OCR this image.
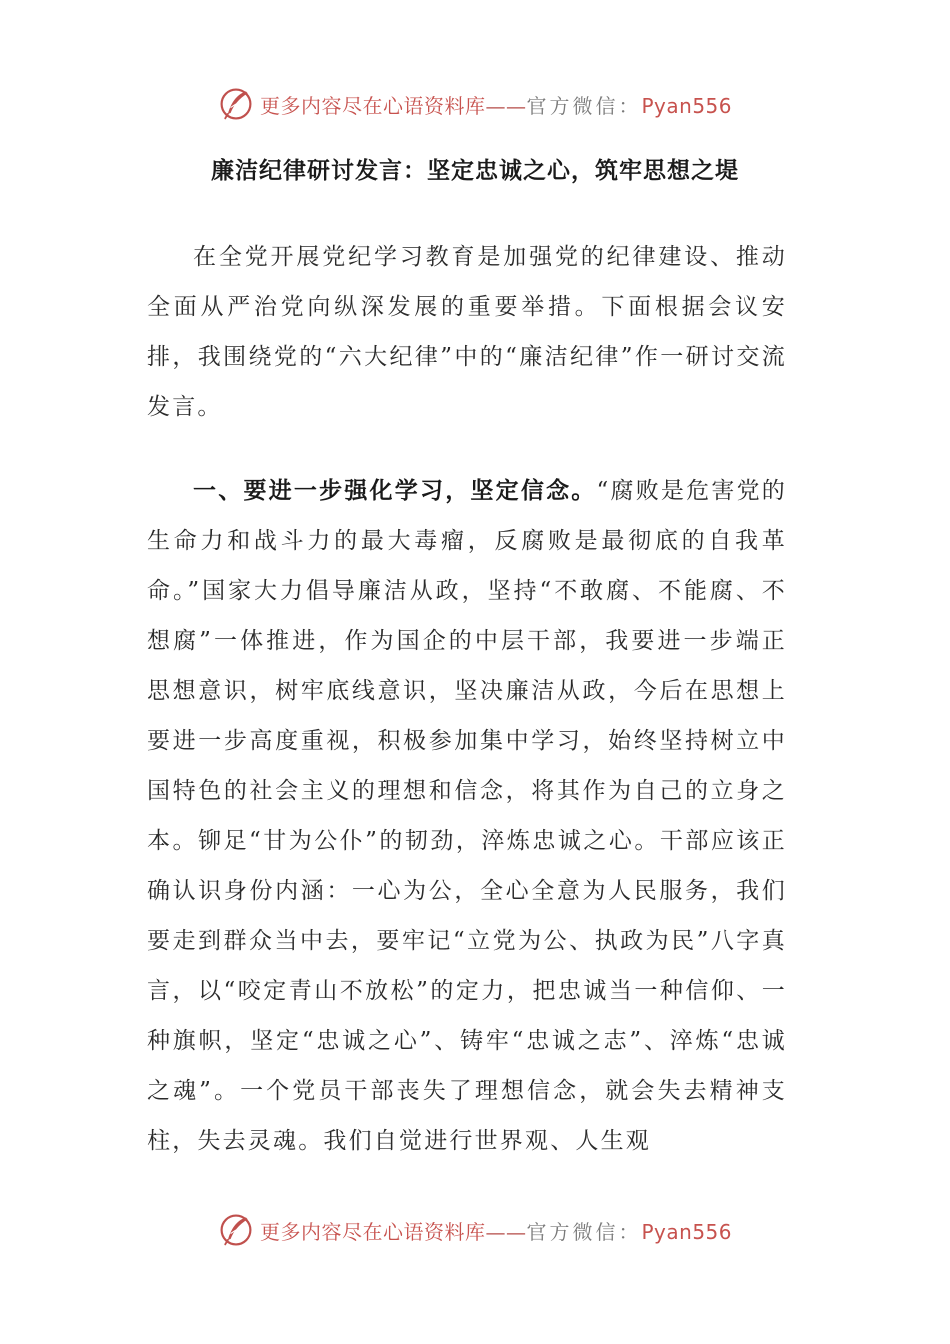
更多内容尽在心语资料库——官方微信：Pyan556
廉洁纪律研讨发言：坚定忠诚之心，筑牢思想之堤

在全党开展党纪学习教育是加强党的纪律建设、推动全面从严治党向纵深发展的重要举措。下面根据会议安排，我围绕党的“六大纪律”中的“廉洁纪律”作一研讨交流发言。

一、要进一步强化学习，坚定信念。“腐败是危害党的生命力和战斗力的最大毒瘤，反腐败是最彻底的自我革命。”国家大力倡导廉洁从政，坚持“不敢腐、不能腐、不想腐”一体推进，作为国企的中层干部，我要进一步端正思想意识，树牢底线意识，坚决廉洁从政，今后在思想上要进一步高度重视，积极参加集中学习，始终坚持树立中国特色的社会主义的理想和信念，将其作为自己的立身之本。铆足“甘为公仆”的韧劲，淬炼忠诚之心。干部应该正确认识身份内涵：一心为公，全心全意为人民服务，我们要走到群众当中去，要牢记“立党为公、执政为民”八字真言，以“咬定青山不放松”的定力，把忠诚当一种信仰、一种旗帜，坚定“忠诚之心”、铸牢“忠诚之志”、淬炼“忠诚之魂”。一个党员干部丧失了理想信念，就会失去精神支柱，失去灵魂。我们自觉进行世界观、人生观

更多内容尽在心语资料库——官方微信：Pyan556
